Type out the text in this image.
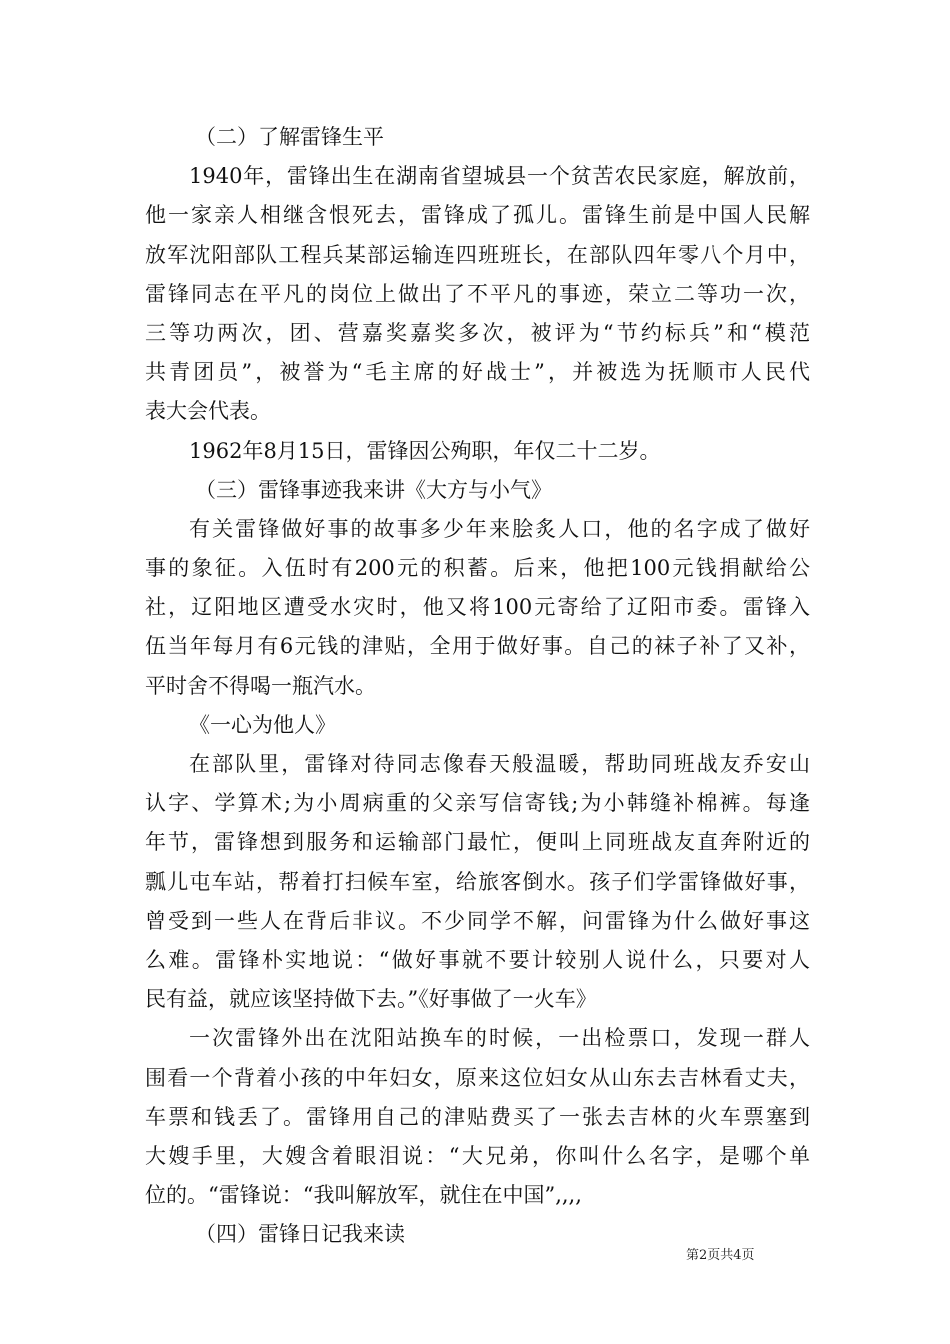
（二）了解雷锋生平

1940年，雷锋出生在湖南省望城县一个贫苦农民家庭，解放前，

他一家亲人相继含恨死去，雷锋成了孤儿。雷锋生前是中国人民解

放军沈阳部队工程兵某部运输连四班班长，在部队四年零八个月中，

雷锋同志在平凡的岗位上做出了不平凡的事迹，荣立二等功一次，

三等功两次，团、营嘉奖嘉奖多次，被评为“节约标兵”和“模范

共青团员”，被誉为“毛主席的好战士”，并被选为抚顺市人民代

表大会代表。

1962年8月15日，雷锋因公殉职，年仅二十二岁。

（三）雷锋事迹我来讲《大方与小气》

有关雷锋做好事的故事多少年来脍炙人口，他的名字成了做好

事的象征。入伍时有200元的积蓄。后来，他把100元钱捐献给公

社，辽阳地区遭受水灾时，他又将100元寄给了辽阳市委。雷锋入

伍当年每月有6元钱的津贴，全用于做好事。自己的袜子补了又补，

平时舍不得喝一瓶汽水。

《一心为他人》

在部队里，雷锋对待同志像春天般温暖，帮助同班战友乔安山

认字、学算术;为小周病重的父亲写信寄钱;为小韩缝补棉裤。每逢

年节，雷锋想到服务和运输部门最忙，便叫上同班战友直奔附近的

瓢儿屯车站，帮着打扫候车室，给旅客倒水。孩子们学雷锋做好事，

曾受到一些人在背后非议。不少同学不解，问雷锋为什么做好事这

么难。雷锋朴实地说：“做好事就不要计较别人说什么，只要对人

民有益，就应该坚持做下去。”《好事做了一火车》

一次雷锋外出在沈阳站换车的时候，一出检票口，发现一群人

围看一个背着小孩的中年妇女，原来这位妇女从山东去吉林看丈夫，

车票和钱丢了。雷锋用自己的津贴费买了一张去吉林的火车票塞到

大嫂手里，大嫂含着眼泪说：“大兄弟，你叫什么名字，是哪个单

位的。“雷锋说：“我叫解放军，就住在中国”,,,,

（四）雷锋日记我来读

第2页共4页
